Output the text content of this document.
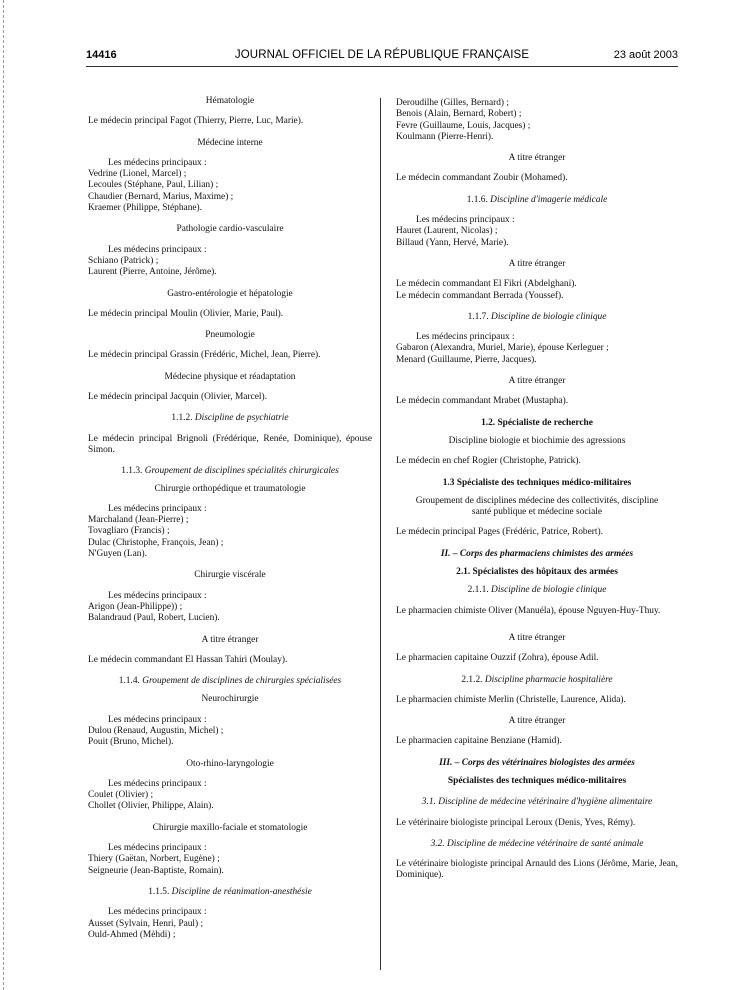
14416	JOURNAL OFFICIEL DE LA RÉPUBLIQUE FRANÇAISE	23 août 2003
Hématologie
Le médecin principal Fagot (Thierry, Pierre, Luc, Marie).
Médecine interne
Les médecins principaux :
Vedrine (Lionel, Marcel) ;
Lecoules (Stéphane, Paul, Lilian) ;
Chaudier (Bernard, Marius, Maxime) ;
Kraemer (Philippe, Stéphane).
Pathologie cardio-vasculaire
Les médecins principaux :
Schiano (Patrick) ;
Laurent (Pierre, Antoine, Jérôme).
Gastro-entérologie et hépatologie
Le médecin principal Moulin (Olivier, Marie, Paul).
Pneumologie
Le médecin principal Grassin (Frédéric, Michel, Jean, Pierre).
Médecine physique et réadaptation
Le médecin principal Jacquin (Olivier, Marcel).
1.1.2. Discipline de psychiatrie
Le médecin principal Brignoli (Frédérique, Renée, Dominique), épouse Simon.
1.1.3. Groupement de disciplines spécialités chirurgicales
Chirurgie orthopédique et traumatologie
Les médecins principaux :
Marchaland (Jean-Pierre) ;
Tovagliaro (Francis) ;
Dulac (Christophe, François, Jean) ;
N'Guyen (Lan).
Chirurgie viscérale
Les médecins principaux :
Arigon (Jean-Philippe)) ;
Balandraud (Paul, Robert, Lucien).
A titre étranger
Le médecin commandant El Hassan Tahiri (Moulay).
1.1.4. Groupement de disciplines de chirurgies spécialisées
Neurochirurgie
Les médecins principaux :
Dulou (Renaud, Augustin, Michel) ;
Pouit (Bruno, Michel).
Oto-rhino-laryngologie
Les médecins principaux :
Coulet (Olivier) ;
Chollet (Olivier, Philippe, Alain).
Chirurgie maxillo-faciale et stomatologie
Les médecins principaux :
Thiery (Gaëtan, Norbert, Eugène) ;
Seigneurie (Jean-Baptiste, Romain).
1.1.5. Discipline de réanimation-anesthésie
Les médecins principaux :
Ausset (Sylvain, Henri, Paul) ;
Ould-Ahmed (Mèhdi) ;
Deroudilhe (Gilles, Bernard) ;
Benois (Alain, Bernard, Robert) ;
Fevre (Guillaume, Louis, Jacques) ;
Koulmann (Pierre-Henri).
A titre étranger
Le médecin commandant Zoubir (Mohamed).
1.1.6. Discipline d'imagerie médicale
Les médecins principaux :
Hauret (Laurent, Nicolas) ;
Billaud (Yann, Hervé, Marie).
A titre étranger
Le médecin commandant El Fikri (Abdelghani).
Le médecin commandant Berrada (Youssef).
1.1.7. Discipline de biologie clinique
Les médecins principaux :
Gabaron (Alexandra, Muriel, Marie), épouse Kerleguer ;
Menard (Guillaume, Pierre, Jacques).
A titre étranger
Le médecin commandant Mrabet (Mustapha).
1.2. Spécialiste de recherche
Discipline biologie et biochimie des agressions
Le médecin en chef Rogier (Christophe, Patrick).
1.3 Spécialiste des techniques médico-militaires
Groupement de disciplines médecine des collectivités, discipline santé publique et médecine sociale
Le médecin principal Pages (Frédéric, Patrice, Robert).
II. – Corps des pharmaciens chimistes des armées
2.1. Spécialistes des hôpitaux des armées
2.1.1. Discipline de biologie clinique
Le pharmacien chimiste Oliver (Manuéla), épouse Nguyen-Huy-Thuy.
A titre étranger
Le pharmacien capitaine Ouzzif (Zohra), épouse Adil.
2.1.2. Discipline pharmacie hospitalière
Le pharmacien chimiste Merlin (Christelle, Laurence, Alida).
A titre étranger
Le pharmacien capitaine Benziane (Hamid).
III. – Corps des vétérinaires biologistes des armées
Spécialistes des techniques médico-militaires
3.1. Discipline de médecine vétérinaire d'hygiène alimentaire
Le vétérinaire biologiste principal Leroux (Denis, Yves, Rémy).
3.2. Discipline de médecine vétérinaire de santé animale
Le vétérinaire biologiste principal Arnauld des Lions (Jérôme, Marie, Jean, Dominique).
